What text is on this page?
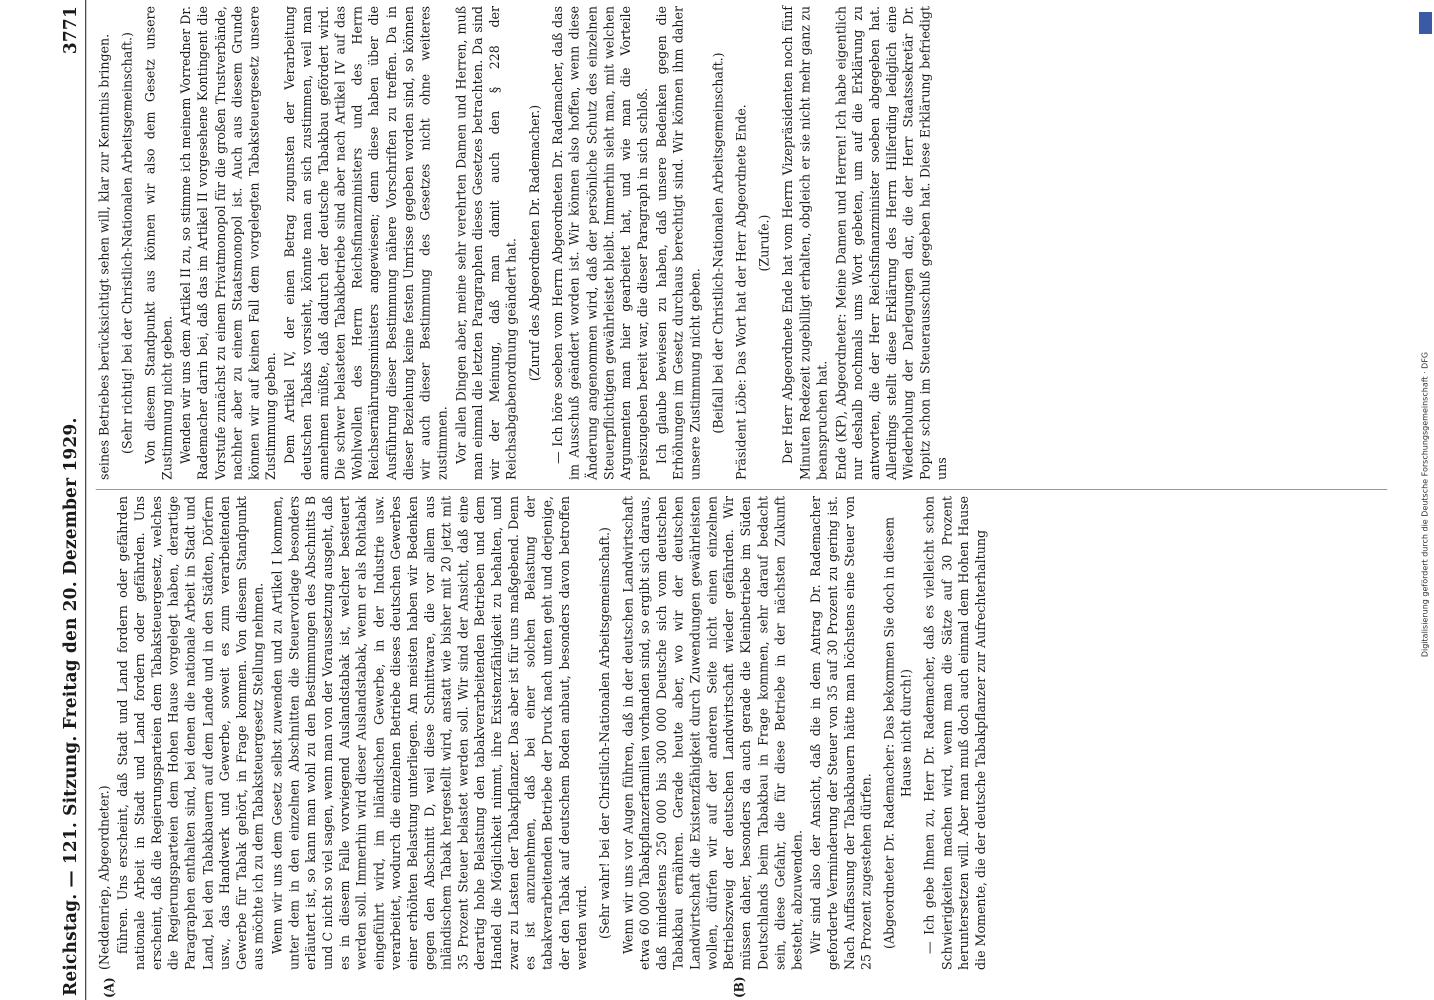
Reichstag. — 121. Sitzung. Freitag den 20. Dezember 1929.
3771
(A)	(B)

(Neddenriep, Abgeordneter.) führen. Uns erscheint, daß Stadt und Land fordern oder gefährden nationale Arbeit in Stadt und Land fordern oder gefährden. Uns erscheint, daß die Regierungsparteien dem Tabaksteuergesetz, welches die Regierungsparteien dem Hohen Hause vorgelegt haben, derartige Paragraphen enthalten sind, bei denen die nationale Arbeit in Stadt und Land, bei den Tabakbauern auf dem Lande und in den Städten, Dörfern usw., das Handwerk und Gewerbe, soweit es zum verarbeitenden Gewerbe für Tabak gehört, in Frage kommen. Von diesem Standpunkt aus möchte ich zu dem Tabaksteuergesetz Stellung nehmen. Wenn wir uns dem Gesetz selbst zuwenden und zu Artikel I kommen, unter dem in den einzelnen Abschnitten die Steuervorlage besonders erläutert ist, so kann man wohl zu den Bestimmungen des Abschnitts B und C nicht so viel sagen, wenn man von der Voraussetzung ausgeht, daß es in diesem Falle vorwiegend Auslandstabak ist, welcher besteuert werden soll. Immerhin wird dieser Auslandstabak, wenn er als Rohtabak eingeführt wird, im inländischen Gewerbe, in der Industrie usw. verarbeitet, wodurch die einzelnen Betriebe dieses deutschen Gewerbes einer erhöhten Belastung unterliegen. Am meisten haben wir Bedenken gegen den Abschnitt D, weil diese Schnittware, die vor allem aus inländischem Tabak hergestellt wird, anstatt wie bisher mit 20 jetzt mit 35 Prozent Steuer belastet werden soll. Wir sind der Ansicht, daß eine derartig hohe Belastung den tabakverarbeitenden Betrieben und dem Handel die Möglichkeit nimmt, ihre Existenzfähigkeit zu behalten, und zwar zu Lasten der Tabakpflanzer. Das aber ist für uns maßgebend. Denn es ist anzunehmen, daß bei einer solchen Belastung der tabakverarbeitenden Betriebe der Druck nach unten geht und derjenige, der den Tabak auf deutschem Boden anbaut, besonders davon betroffen werden wird. (Sehr wahr! bei der Christlich-Nationalen Arbeitsgemeinschaft.) Wenn wir uns vor Augen führen, daß in der deutschen Landwirtschaft etwa 60 000 Tabakpflanzerfamilien vorhanden sind, so ergibt sich daraus, daß mindestens 250 000 bis 300 000 Deutsche sich vom deutschen Tabakbau ernähren. Gerade heute aber, wo wir der deutschen Landwirtschaft die Existenzfähigkeit durch Zuwendungen gewährleisten wollen, dürfen wir auf der anderen Seite nicht einen einzelnen Betriebszweig der deutschen Landwirtschaft wieder gefährden. Wir müssen daher, besonders da auch gerade die Kleinbetriebe im Süden Deutschlands beim Tabakbau in Frage kommen, sehr darauf bedacht sein, diese Gefahr, die für diese Betriebe in der nächsten Zukunft besteht, abzuwenden. Wir sind also der Ansicht, daß die in dem Antrag Dr. Rademacher geforderte Verminderung der Steuer von 35 auf 30 Prozent zu gering ist. Nach Auffassung der Tabakbauern hätte man höchstens eine Steuer von 25 Prozent zugestehen dürfen. (Abgeordneter Dr. Rademacher: Das bekommen Sie doch in diesem Hause nicht durch!) — Ich gebe Ihnen zu, Herr Dr. Rademacher, daß es vielleicht schon Schwierigkeiten machen wird, wenn man die Sätze auf 30 Prozent heruntersetzen will. Aber man muß doch auch einmal dem Hohen Hause die Momente, die der deutsche Tabakpflanzer zur Aufrechterhaltung

seines Betriebes berücksichtigt sehen will, klar zur Kenntnis bringen. (Sehr richtig! bei der Christlich-Nationalen Arbeitsgemeinschaft.) Von diesem Standpunkt aus können wir also dem Gesetz unsere Zustimmung nicht geben. Wenden wir uns dem Artikel II zu, so stimme ich meinem Vorredner Dr. Rademacher darin bei, daß das im Artikel II vorgesehene Kontingent die Vorstufe zunächst zu einem Privatmonopol für die großen Trustverbände, nachher aber zu einem Staatsmonopol ist. Auch aus diesem Grunde können wir auf keinen Fall dem vorgelegten Tabaksteuergesetz unsere Zustimmung geben. Dem Artikel IV, der einen Betrag zugunsten der Verarbeitung deutschen Tabaks vorsieht, könnte man an sich zustimmen, weil man annehmen müßte, daß dadurch der deutsche Tabakbau gefördert wird. Die schwer belasteten Tabakbetriebe sind aber nach Artikel IV auf das Wohlwollen des Herrn Reichsfinanzministers und des Herrn Reichsernährungsministers angewiesen; denn diese haben über die Ausführung dieser Bestimmung nähere Vorschriften zu treffen. Da in dieser Beziehung keine festen Umrisse gegeben worden sind, so können wir auch dieser Bestimmung des Gesetzes nicht ohne weiteres zustimmen. Vor allen Dingen aber, meine sehr verehrten Damen und Herren, muß man einmal die letzten Paragraphen dieses Gesetzes betrachten. Da sind wir der Meinung, daß man damit auch den § 228 der Reichsabgabenordnung geändert hat. (Zuruf des Abgeordneten Dr. Rademacher.) — Ich höre soeben vom Herrn Abgeordneten Dr. Rademacher, daß das im Ausschuß geändert worden ist. Wir können also hoffen, wenn diese Änderung angenommen wird, daß der persönliche Schutz des einzelnen Steuerpflichtigen gewährleistet bleibt. Immerhin sieht man, mit welchen Argumenten man hier gearbeitet hat, und wie man die Vorteile preiszugeben bereit war, die dieser Paragraph in sich schloß. Ich glaube bewiesen zu haben, daß unsere Bedenken gegen die Erhöhungen im Gesetz durchaus berechtigt sind. Wir können ihm daher unsere Zustimmung nicht geben. (Beifall bei der Christlich-Nationalen Arbeitsgemeinschaft.) Präsident Löbe: Das Wort hat der Herr Abgeordnete Ende. (Zurufe.) Der Herr Abgeordnete Ende hat vom Herrn Vizepräsidenten noch fünf Minuten Redezeit zugebilligt erhalten, obgleich er sie nicht mehr ganz zu beanspruchen hat. Ende (KP), Abgeordneter: Meine Damen und Herren! Ich habe eigentlich nur deshalb nochmals ums Wort gebeten, um auf die Erklärung zu antworten, die der Herr Reichsfinanzminister soeben abgegeben hat. Allerdings stellt diese Erklärung des Herrn Hilferding lediglich eine Wiederholung der Darlegungen dar, die der Herr Staatssekretär Dr. Popitz schon im Steuerausschuß gegeben hat. Diese Erklärung befriedigt uns	Digitalisierung gefördert durch die Deutsche Forschungsgemeinschaft · DFG
